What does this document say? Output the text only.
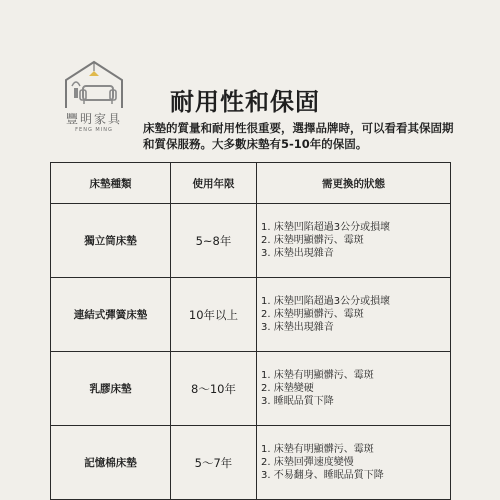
豐明家具
FENG MING
耐用性和保固
床墊的質量和耐用性很重要，選擇品牌時，可以看看其保固期和質保服務。大多數床墊有5-10年的保固。
床墊種類	使用年限	需更換的狀態
獨立筒床墊	5~8年	1. 床墊凹陷超過3公分或損壞
2. 床墊明顯髒污、霉斑
3. 床墊出現雜音

連結式彈簧床墊	10年以上	1. 床墊凹陷超過3公分或損壞
2. 床墊明顯髒污、霉斑
3. 床墊出現雜音

乳膠床墊	8〜10年	1. 床墊有明顯髒污、霉斑
2. 床墊變硬
3. 睡眠品質下降

記憶棉床墊	5〜7年	1. 床墊有明顯髒污、霉斑
2. 床墊回彈速度變慢
3. 不易翻身、睡眠品質下降
